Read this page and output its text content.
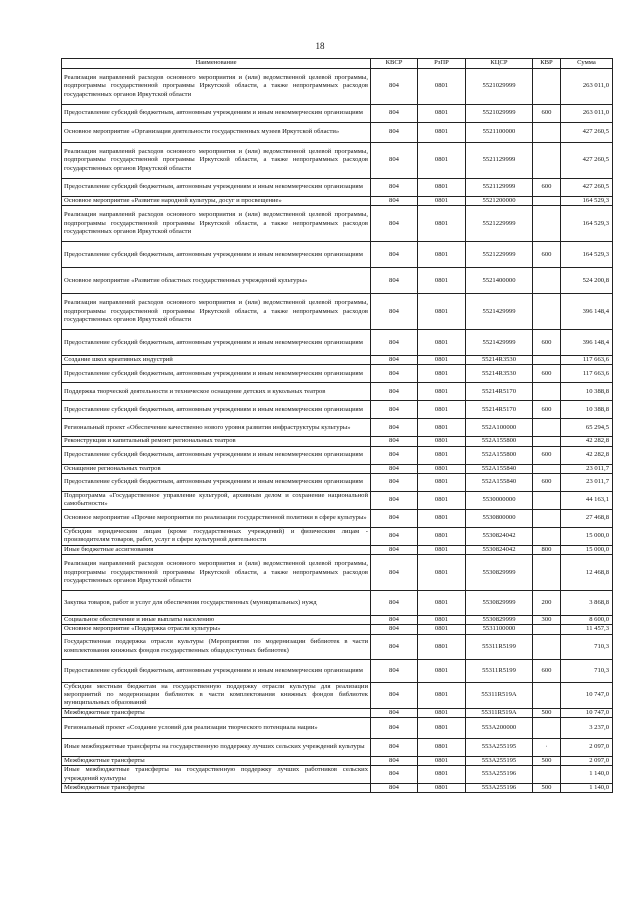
18
Наименование	КВСР	РзПР	КЦСР	КВР	Сумма
Реализация направлений расходов основного мероприятия и (или) ведомственной целевой программы, подпрограммы государственной программы Иркутской области, а также непрограммных расходов государственных органов Иркутской области	804	0801	5521029999		263 011,0
Предоставление субсидий бюджетным, автономным учреждениям и иным некоммерческим организациям	804	0801	5521029999	600	263 011,0
Основное мероприятие «Организация деятельности государственных музеев Иркутской области»	804	0801	5521100000		427 260,5
Реализация направлений расходов основного мероприятия и (или) ведомственной целевой программы, подпрограммы государственной программы Иркутской области, а также непрограммных расходов государственных органов Иркутской области	804	0801	5521129999		427 260,5
Предоставление субсидий бюджетным, автономным учреждениям и иным некоммерческим организациям	804	0801	5521129999	600	427 260,5
Основное мероприятие «Развитие народной культуры, досуг и просвещение»	804	0801	5521200000		164 529,3
Реализация направлений расходов основного мероприятия и (или) ведомственной целевой программы, подпрограммы государственной программы Иркутской области, а также непрограммных расходов государственных органов Иркутской области	804	0801	5521229999		164 529,3
Предоставление субсидий бюджетным, автономным учреждениям и иным некоммерческим организациям	804	0801	5521229999	600	164 529,3
Основное мероприятие «Развитие областных государственных учреждений культуры»	804	0801	5521400000		524 200,8
Реализация направлений расходов основного мероприятия и (или) ведомственной целевой программы, подпрограммы государственной программы Иркутской области, а также непрограммных расходов государственных органов Иркутской области	804	0801	5521429999		396 148,4
Предоставление субсидий бюджетным, автономным учреждениям и иным некоммерческим организациям	804	0801	5521429999	600	396 148,4
Создание школ креативных индустрий	804	0801	55214R3530		117 663,6
Предоставление субсидий бюджетным, автономным учреждениям и иным некоммерческим организациям	804	0801	55214R3530	600	117 663,6
Поддержка творческой деятельности и техническое оснащение детских и кукольных театров	804	0801	55214R5170		10 388,8
Предоставление субсидий бюджетным, автономным учреждениям и иным некоммерческим организациям	804	0801	55214R5170	600	10 388,8
Региональный проект «Обеспечение качественно нового уровня развития инфраструктуры культуры»	804	0801	552A100000		65 294,5
Реконструкция и капитальный ремонт региональных театров	804	0801	552A155800		42 282,8
Предоставление субсидий бюджетным, автономным учреждениям и иным некоммерческим организациям	804	0801	552A155800	600	42 282,8
Оснащение региональных театров	804	0801	552A155840		23 011,7
Предоставление субсидий бюджетным, автономным учреждениям и иным некоммерческим организациям	804	0801	552A155840	600	23 011,7
Подпрограмма «Государственное управление культурой, архивным делом и сохранение национальной самобытности»	804	0801	5530000000		44 163,1
Основное мероприятие «Прочие мероприятия по реализации государственной политики в сфере культуры»	804	0801	5530800000		27 468,8
Субсидии юридическим лицам (кроме государственных учреждений) и физическим лицам - производителям товаров, работ, услуг в сфере культурной деятельности	804	0801	5530824042		15 000,0
Иные бюджетные ассигнования	804	0801	5530824042	800	15 000,0
Реализация направлений расходов основного мероприятия и (или) ведомственной целевой программы, подпрограммы государственной программы Иркутской области, а также непрограммных расходов государственных органов Иркутской области	804	0801	5530829999		12 468,8
Закупка товаров, работ и услуг для обеспечения государственных (муниципальных) нужд	804	0801	5530829999	200	3 868,8
Социальное обеспечение и иные выплаты населению	804	0801	5530829999	300	8 600,0
Основное мероприятие «Поддержка отрасли культуры»	804	0801	5531100000		11 457,3
Государственная поддержка отрасли культуры (Мероприятия по модернизации библиотек в части комплектования книжных фондов государственных общедоступных библиотек)	804	0801	55311R5199		710,3
Предоставление субсидий бюджетным, автономным учреждениям и иным некоммерческим организациям	804	0801	55311R5199	600	710,3
Субсидии местным бюджетам на государственную поддержку отрасли культуры для реализации мероприятий по модернизации библиотек в части комплектования книжных фондов библиотек муниципальных образований	804	0801	55311R519A		10 747,0
Межбюджетные трансферты	804	0801	55311R519A	500	10 747,0
Региональный проект «Создание условий для реализации творческого потенциала нации»	804	0801	553A200000		3 237,0
Иные межбюджетные трансферты на государственную поддержку лучших сельских учреждений культуры	804	0801	553A255195	·	2 097,0
Межбюджетные трансферты	804	0801	553A255195	500	2 097,0
Иные межбюджетные трансферты на государственную поддержку лучших работников сельских учреждений культуры	804	0801	553A255196		1 140,0
Межбюджетные трансферты	804	0801	553A255196	500	1 140,0
